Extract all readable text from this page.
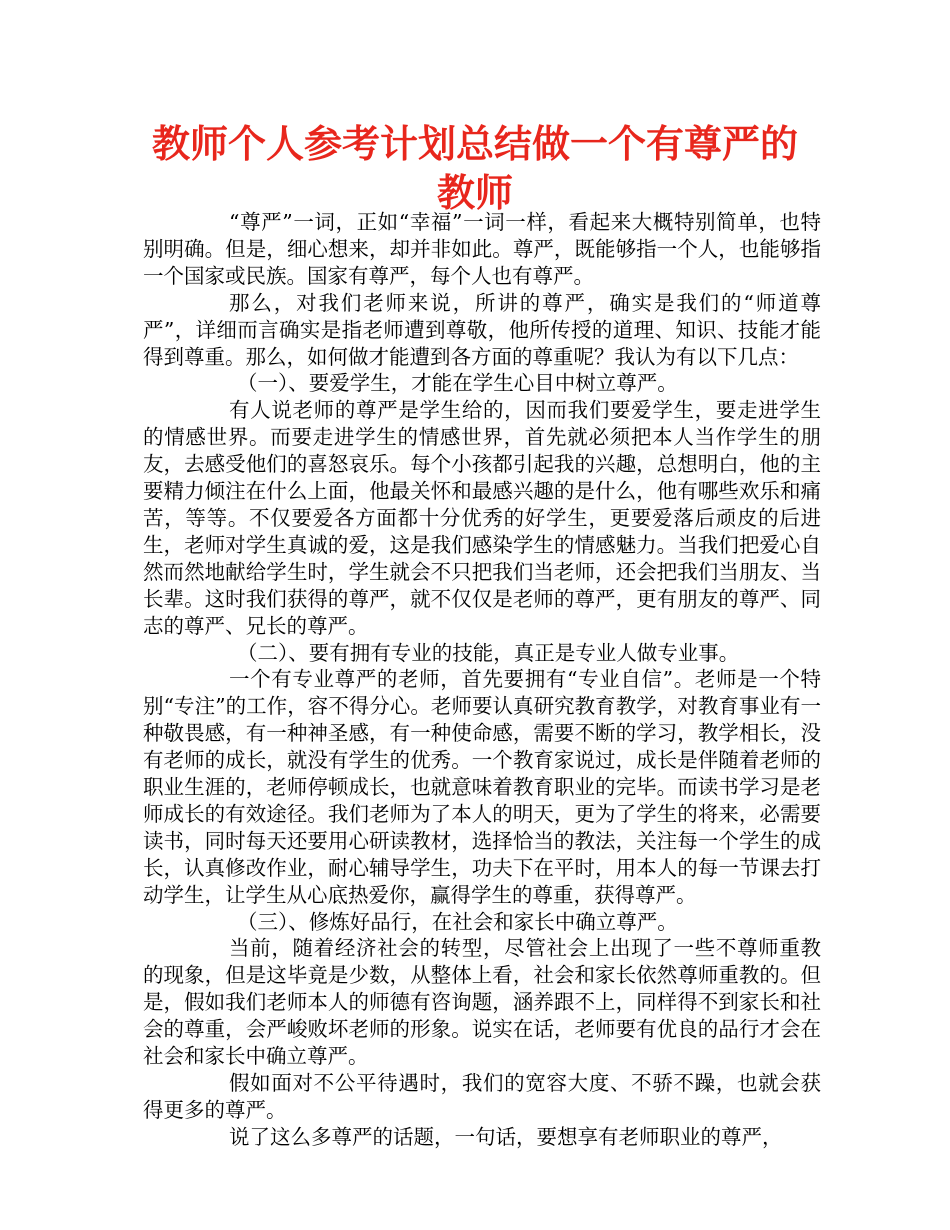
教师个人参考计划总结做一个有尊严的教师

“尊严”一词，正如“幸福”一词一样，看起来大概特别简单，也特别明确。但是，细心想来，却并非如此。尊严，既能够指一个人，也能够指一个国家或民族。国家有尊严，每个人也有尊严。

那么，对我们老师来说，所讲的尊严，确实是我们的“师道尊严”，详细而言确实是指老师遭到尊敬，他所传授的道理、知识、技能才能得到尊重。那么，如何做才能遭到各方面的尊重呢？我认为有以下几点：

（一）、要爱学生，才能在学生心目中树立尊严。

有人说老师的尊严是学生给的，因而我们要爱学生，要走进学生的情感世界。而要走进学生的情感世界，首先就必须把本人当作学生的朋友，去感受他们的喜怒哀乐。每个小孩都引起我的兴趣，总想明白，他的主要精力倾注在什么上面，他最关怀和最感兴趣的是什么，他有哪些欢乐和痛苦，等等。不仅要爱各方面都十分优秀的好学生，更要爱落后顽皮的后进生，老师对学生真诚的爱，这是我们感染学生的情感魅力。当我们把爱心自然而然地献给学生时，学生就会不只把我们当老师，还会把我们当朋友、当长辈。这时我们获得的尊严，就不仅仅是老师的尊严，更有朋友的尊严、同志的尊严、兄长的尊严。

（二）、要有拥有专业的技能，真正是专业人做专业事。

一个有专业尊严的老师，首先要拥有“专业自信”。老师是一个特别“专注”的工作，容不得分心。老师要认真研究教育教学，对教育事业有一种敬畏感，有一种神圣感，有一种使命感，需要不断的学习，教学相长，没有老师的成长，就没有学生的优秀。一个教育家说过，成长是伴随着老师的职业生涯的，老师停顿成长，也就意味着教育职业的完毕。而读书学习是老师成长的有效途径。我们老师为了本人的明天，更为了学生的将来，必需要读书，同时每天还要用心研读教材，选择恰当的教法，关注每一个学生的成长，认真修改作业，耐心辅导学生，功夫下在平时，用本人的每一节课去打动学生，让学生从心底热爱你，赢得学生的尊重，获得尊严。

（三）、修炼好品行，在社会和家长中确立尊严。

当前，随着经济社会的转型，尽管社会上出现了一些不尊师重教的现象，但是这毕竟是少数，从整体上看，社会和家长依然尊师重教的。但是，假如我们老师本人的师德有咨询题，涵养跟不上，同样得不到家长和社会的尊重，会严峻败坏老师的形象。说实在话，老师要有优良的品行才会在社会和家长中确立尊严。

假如面对不公平待遇时，我们的宽容大度、不骄不躁，也就会获得更多的尊严。

说了这么多尊严的话题，一句话，要想享有老师职业的尊严，
